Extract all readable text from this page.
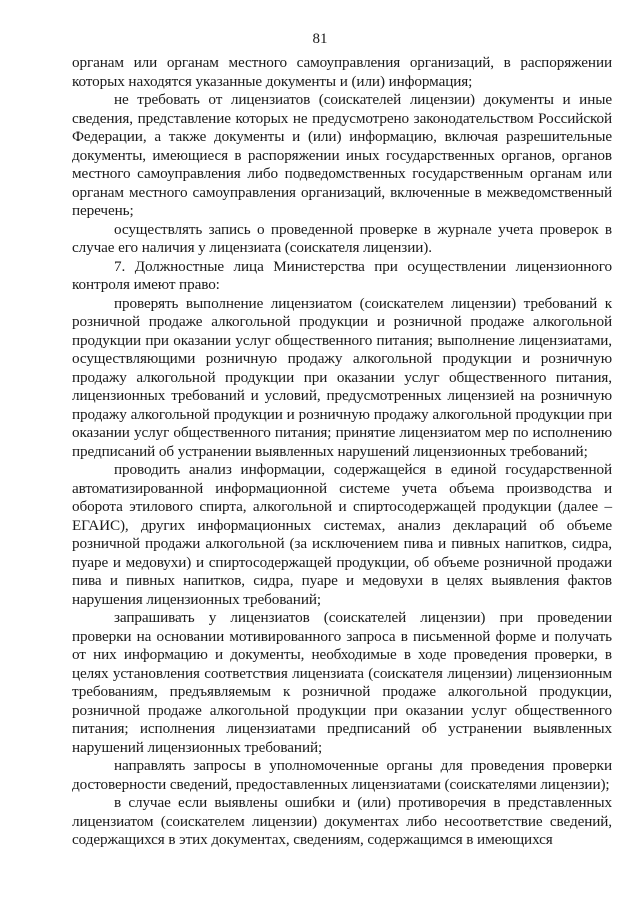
81

органам или органам местного самоуправления организаций, в распоряжении которых находятся указанные документы и (или) информация;

не требовать от лицензиатов (соискателей лицензии) документы и иные сведения, представление которых не предусмотрено законодательством Российской Федерации, а также документы и (или) информацию, включая разрешительные документы, имеющиеся в распоряжении иных государственных органов, органов местного самоуправления либо подведомственных государственным органам или органам местного самоуправления организаций, включенные в межведомственный перечень;

осуществлять запись о проведенной проверке в журнале учета проверок в случае его наличия у лицензиата (соискателя лицензии).

7. Должностные лица Министерства при осуществлении лицензионного контроля имеют право:

проверять выполнение лицензиатом (соискателем лицензии) требований к розничной продаже алкогольной продукции и розничной продаже алкогольной продукции при оказании услуг общественного питания; выполнение лицензиатами, осуществляющими розничную продажу алкогольной продукции и розничную продажу алкогольной продукции при оказании услуг общественного питания, лицензионных требований и условий, предусмотренных лицензией на розничную продажу алкогольной продукции и розничную продажу алкогольной продукции при оказании услуг общественного питания; принятие лицензиатом мер по исполнению предписаний об устранении выявленных нарушений лицензионных требований;

проводить анализ информации, содержащейся в единой государственной автоматизированной информационной системе учета объема производства и оборота этилового спирта, алкогольной и спиртосодержащей продукции (далее – ЕГАИС), других информационных системах, анализ деклараций об объеме розничной продажи алкогольной (за исключением пива и пивных напитков, сидра, пуаре и медовухи) и спиртосодержащей продукции, об объеме розничной продажи пива и пивных напитков, сидра, пуаре и медовухи в целях выявления фактов нарушения лицензионных требований;

запрашивать у лицензиатов (соискателей лицензии) при проведении проверки на основании мотивированного запроса в письменной форме и получать от них информацию и документы, необходимые в ходе проведения проверки, в целях установления соответствия лицензиата (соискателя лицензии) лицензионным требованиям, предъявляемым к розничной продаже алкогольной продукции, розничной продаже алкогольной продукции при оказании услуг общественного питания; исполнения лицензиатами предписаний об устранении выявленных нарушений лицензионных требований;

направлять запросы в уполномоченные органы для проведения проверки достоверности сведений, предоставленных лицензиатами (соискателями лицензии);

в случае если выявлены ошибки и (или) противоречия в представленных лицензиатом (соискателем лицензии) документах либо несоответствие сведений, содержащихся в этих документах, сведениям, содержащимся в имеющихся
